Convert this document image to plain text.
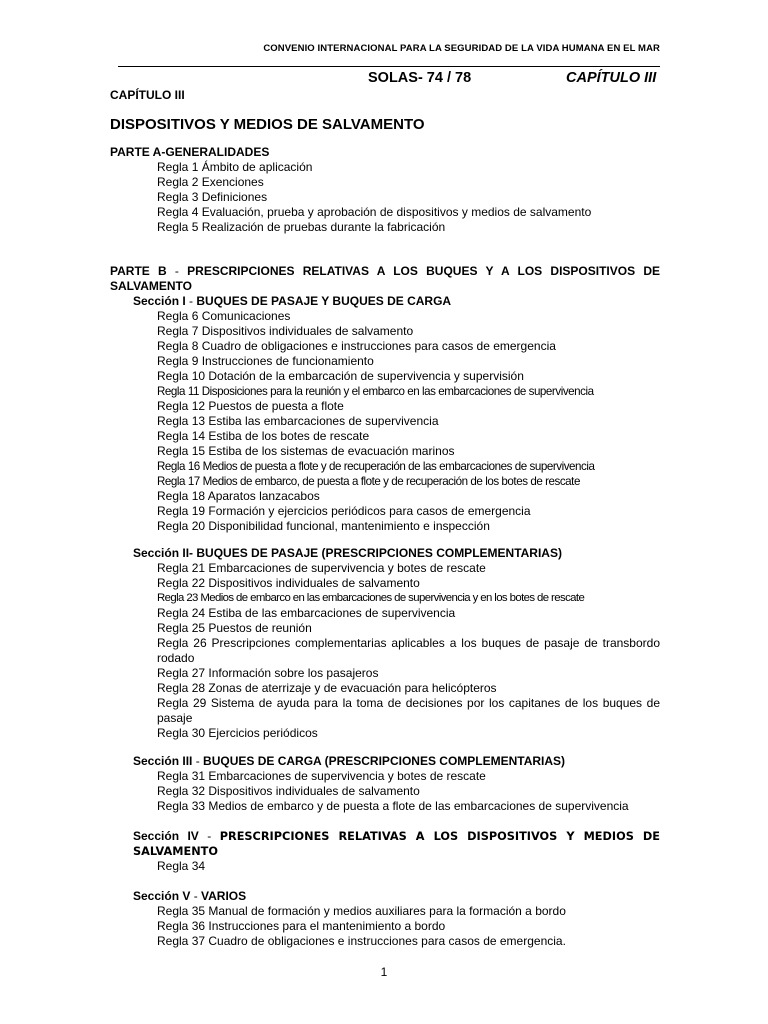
CONVENIO INTERNACIONAL PARA LA SEGURIDAD DE LA VIDA HUMANA EN EL MAR
SOLAS- 74 / 78	CAPÍTULO III
CAPÍTULO III
DISPOSITIVOS Y MEDIOS DE SALVAMENTO
PARTE A-GENERALIDADES
Regla 1 Ámbito de aplicación
Regla 2 Exenciones
Regla 3 Definiciones
Regla 4 Evaluación, prueba y aprobación de dispositivos y medios de salvamento
Regla 5 Realización de pruebas durante la fabricación
PARTE B - PRESCRIPCIONES RELATIVAS A LOS BUQUES Y A LOS DISPOSITIVOS DE SALVAMENTO
Sección I - BUQUES DE PASAJE Y BUQUES DE CARGA
Regla 6 Comunicaciones
Regla 7 Dispositivos individuales de salvamento
Regla 8 Cuadro de obligaciones e instrucciones para casos de emergencia
Regla 9 Instrucciones de funcionamiento
Regla 10 Dotación de la embarcación de supervivencia y supervisión
Regla 11 Disposiciones para la reunión y el embarco en las embarcaciones de supervivencia
Regla 12 Puestos de puesta a flote
Regla 13 Estiba las embarcaciones de supervivencia
Regla 14 Estiba de los botes de rescate
Regla 15 Estiba de los sistemas de evacuación marinos
Regla 16 Medios de puesta a flote y de recuperación de las embarcaciones de supervivencia
Regla 17 Medios de embarco, de puesta a flote y de recuperación de los botes de rescate
Regla 18 Aparatos lanzacabos
Regla 19 Formación y ejercicios periódicos para casos de emergencia
Regla 20 Disponibilidad funcional, mantenimiento e inspección
Sección II- BUQUES DE PASAJE (PRESCRIPCIONES COMPLEMENTARIAS)
Regla 21 Embarcaciones de supervivencia y botes de rescate
Regla 22 Dispositivos individuales de salvamento
Regla 23 Medios de embarco en las embarcaciones de supervivencia y en los botes de rescate
Regla 24 Estiba de las embarcaciones de supervivencia
Regla 25 Puestos de reunión
Regla 26 Prescripciones complementarias aplicables a los buques de pasaje de transbordo rodado
Regla 27 Información sobre los pasajeros
Regla 28 Zonas de aterrizaje y de evacuación para helicópteros
Regla 29 Sistema de ayuda para la toma de decisiones por los capitanes de los buques de pasaje
Regla 30 Ejercicios periódicos
Sección III - BUQUES DE CARGA (PRESCRIPCIONES COMPLEMENTARIAS)
Regla 31 Embarcaciones de supervivencia y botes de rescate
Regla 32 Dispositivos individuales de salvamento
Regla 33 Medios de embarco y de puesta a flote de las embarcaciones de supervivencia
Sección IV - PRESCRIPCIONES RELATIVAS A LOS DISPOSITIVOS Y MEDIOS DE SALVAMENTO
Regla 34
Sección V - VARIOS
Regla 35 Manual de formación y medios auxiliares para la formación a bordo
Regla 36 Instrucciones para el mantenimiento a bordo
Regla 37 Cuadro de obligaciones e instrucciones para casos de emergencia.
1
